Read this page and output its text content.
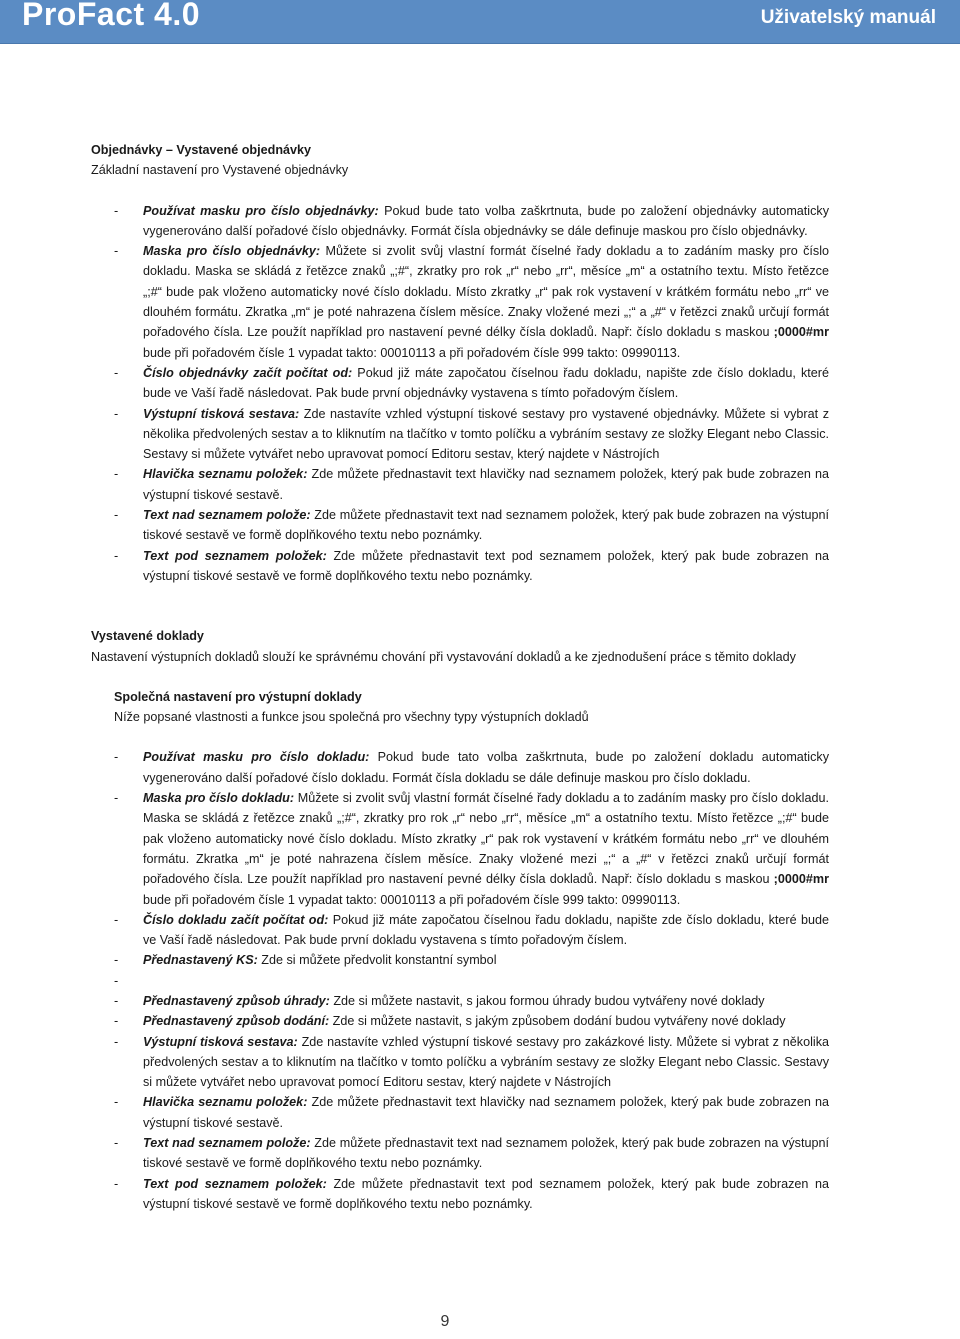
ProFact 4.0	Uživatelský manuál
Objednávky – Vystavené objednávky
Základní nastavení pro Vystavené objednávky
- Používat masku pro číslo objednávky: Pokud bude tato volba zaškrtnuta, bude po založení objednávky automaticky vygenerováno další pořadové číslo objednávky. Formát čísla objednávky se dále definuje maskou pro číslo objednávky.
- Maska pro číslo objednávky: Můžete si zvolit svůj vlastní formát číselné řady dokladu a to zadáním masky pro číslo dokladu. Maska se skládá z řetězce znaků „;#“, zkratky pro rok „r“ nebo „rr“, měsíce „m“ a ostatního textu. Místo řetězce „;#“ bude pak vloženo automaticky nové číslo dokladu. Místo zkratky „r“ pak rok vystavení v krátkém formátu nebo „rr“ ve dlouhém formátu. Zkratka „m“ je poté nahrazena číslem měsíce. Znaky vložené mezi „;“ a „#“ v řetězci znaků určují formát pořadového čísla. Lze použít například pro nastavení pevné délky čísla dokladů. Např: číslo dokladu s maskou ;0000#mr bude při pořadovém čísle 1 vypadat takto: 00010113 a při pořadovém čísle 999 takto: 09990113.
- Číslo objednávky začít počítat od: Pokud již máte započatou číselnou řadu dokladu, napište zde číslo dokladu, které bude ve Vaší řadě následovat. Pak bude první objednávky vystavena s tímto pořadovým číslem.
- Výstupní tisková sestava: Zde nastavíte vzhled výstupní tiskové sestavy pro vystavené objednávky. Můžete si vybrat z několika předvolených sestav a to kliknutím na tlačítko v tomto políčku a vybráním sestavy ze složky Elegant nebo Classic. Sestavy si můžete vytvářet nebo upravovat pomocí Editoru sestav, který najdete v Nástrojích
- Hlavička seznamu položek: Zde můžete přednastavit text hlavičky nad seznamem položek, který pak bude zobrazen na výstupní tiskové sestavě.
- Text nad seznamem polože: Zde můžete přednastavit text nad seznamem položek, který pak bude zobrazen na výstupní tiskové sestavě ve formě doplňkového textu nebo poznámky.
- Text pod seznamem položek: Zde můžete přednastavit text pod seznamem položek, který pak bude zobrazen na výstupní tiskové sestavě ve formě doplňkového textu nebo poznámky.
Vystavené doklady
Nastavení výstupních dokladů slouží ke správnému chování při vystavování dokladů a ke zjednodušení práce s těmito doklady
Společná nastavení pro výstupní doklady
Níže popsané vlastnosti a funkce jsou společná pro všechny typy výstupních dokladů
- Používat masku pro číslo dokladu: Pokud bude tato volba zaškrtnuta, bude po založení dokladu automaticky vygenerováno další pořadové číslo dokladu. Formát čísla dokladu se dále definuje maskou pro číslo dokladu.
- Maska pro číslo dokladu: Můžete si zvolit svůj vlastní formát číselné řady dokladu a to zadáním masky pro číslo dokladu. Maska se skládá z řetězce znaků „;#“, zkratky pro rok „r“ nebo „rr“, měsíce „m“ a ostatního textu. Místo řetězce „;#“ bude pak vloženo automaticky nové číslo dokladu. Místo zkratky „r“ pak rok vystavení v krátkém formátu nebo „rr“ ve dlouhém formátu. Zkratka „m“ je poté nahrazena číslem měsíce. Znaky vložené mezi „;“ a „#“ v řetězci znaků určují formát pořadového čísla. Lze použít například pro nastavení pevné délky čísla dokladů. Např: číslo dokladu s maskou ;0000#mr bude při pořadovém čísle 1 vypadat takto: 00010113 a při pořadovém čísle 999 takto: 09990113.
- Číslo dokladu začít počítat od: Pokud již máte započatou číselnou řadu dokladu, napište zde číslo dokladu, které bude ve Vaší řadě následovat. Pak bude první dokladu vystavena s tímto pořadovým číslem.
- Přednastavený KS: Zde si můžete předvolit konstantní symbol
-
- Přednastavený způsob úhrady: Zde si můžete nastavit, s jakou formou úhrady budou vytvářeny nové doklady
- Přednastavený způsob dodání: Zde si můžete nastavit, s jakým způsobem dodání budou vytvářeny nové doklady
- Výstupní tisková sestava: Zde nastavíte vzhled výstupní tiskové sestavy pro zakázkové listy. Můžete si vybrat z několika předvolených sestav a to kliknutím na tlačítko v tomto políčku a vybráním sestavy ze složky Elegant nebo Classic. Sestavy si můžete vytvářet nebo upravovat pomocí Editoru sestav, který najdete v Nástrojích
- Hlavička seznamu položek: Zde můžete přednastavit text hlavičky nad seznamem položek, který pak bude zobrazen na výstupní tiskové sestavě.
- Text nad seznamem polože: Zde můžete přednastavit text nad seznamem položek, který pak bude zobrazen na výstupní tiskové sestavě ve formě doplňkového textu nebo poznámky.
- Text pod seznamem položek: Zde můžete přednastavit text pod seznamem položek, který pak bude zobrazen na výstupní tiskové sestavě ve formě doplňkového textu nebo poznámky.
9
